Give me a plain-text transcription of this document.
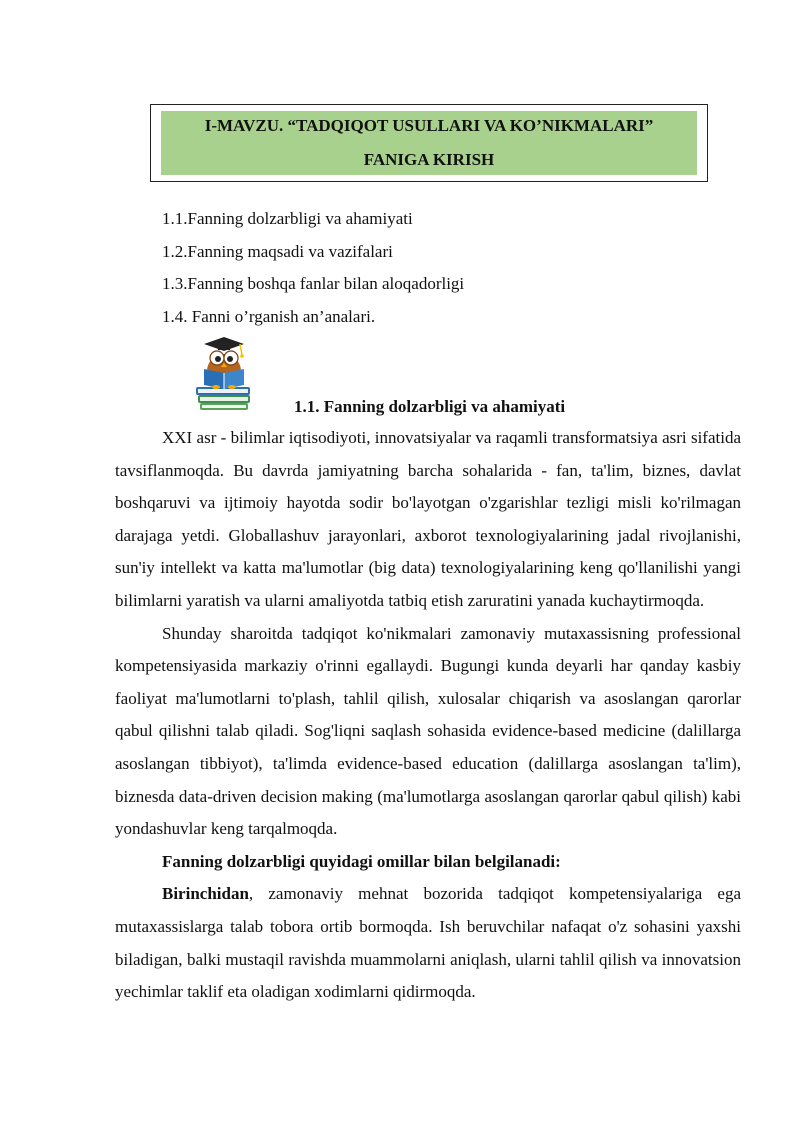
I-MAVZU. “TADQIQOT USULLARI VA KO’NIKMALARI”
FANIGA KIRISH
1.1.Fanning dolzarbligi va ahamiyati
1.2.Fanning maqsadi va vazifalari
1.3.Fanning boshqa fanlar bilan aloqadorligi
1.4. Fanni o’rganish an’analari.
1.1. Fanning dolzarbligi va ahamiyati

XXI asr - bilimlar iqtisodiyoti, innovatsiyalar va raqamli transformatsiya asri sifatida tavsiflanmoqda. Bu davrda jamiyatning barcha sohalarida - fan, ta'lim, biznes, davlat boshqaruvi va ijtimoiy hayotda sodir bo'layotgan o'zgarishlar tezligi misli ko'rilmagan darajaga yetdi. Globallashuv jarayonlari, axborot texnologiyalarining jadal rivojlanishi, sun'iy intellekt va katta ma'lumotlar (big data) texnologiyalarining keng qo'llanilishi yangi bilimlarni yaratish va ularni amaliyotda tatbiq etish zaruratini yanada kuchaytirmoqda.

Shunday sharoitda tadqiqot ko'nikmalari zamonaviy mutaxassisning professional kompetensiyasida markaziy o'rinni egallaydi. Bugungi kunda deyarli har qanday kasbiy faoliyat ma'lumotlarni to'plash, tahlil qilish, xulosalar chiqarish va asoslangan qarorlar qabul qilishni talab qiladi. Sog'liqni saqlash sohasida evidence-based medicine (dalillarga asoslangan tibbiyot), ta'limda evidence-based education (dalillarga asoslangan ta'lim), biznesda data-driven decision making (ma'lumotlarga asoslangan qarorlar qabul qilish) kabi yondashuvlar keng tarqalmoqda.

Fanning dolzarbligi quyidagi omillar bilan belgilanadi:

Birinchidan, zamonaviy mehnat bozorida tadqiqot kompetensiyalariga ega mutaxassislarga talab tobora ortib bormoqda. Ish beruvchilar nafaqat o'z sohasini yaxshi biladigan, balki mustaqil ravishda muammolarni aniqlash, ularni tahlil qilish va innovatsion yechimlar taklif eta oladigan xodimlarni qidirmoqda.
